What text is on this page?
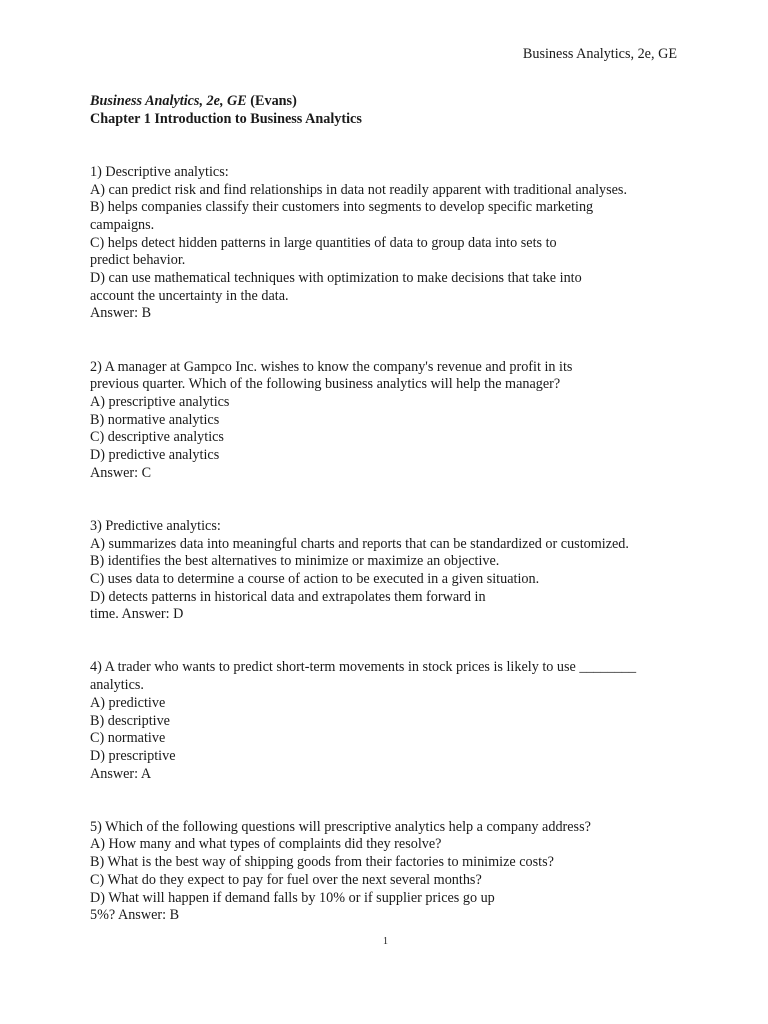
Business Analytics, 2e, GE
Business Analytics, 2e, GE (Evans)
Chapter 1 Introduction to Business Analytics
1) Descriptive analytics:
A) can predict risk and find relationships in data not readily apparent with traditional analyses.
B) helps companies classify their customers into segments to develop specific marketing
campaigns.
C) helps detect hidden patterns in large quantities of data to group data into sets to
predict behavior.
D) can use mathematical techniques with optimization to make decisions that take into
account the uncertainty in the data.
Answer: B
2) A manager at Gampco Inc. wishes to know the company's revenue and profit in its
previous quarter. Which of the following business analytics will help the manager?
A) prescriptive analytics
B) normative analytics
C) descriptive analytics
D) predictive analytics
Answer: C
3) Predictive analytics:
A) summarizes data into meaningful charts and reports that can be standardized or customized.
B) identifies the best alternatives to minimize or maximize an objective.
C) uses data to determine a course of action to be executed in a given situation.
D) detects patterns in historical data and extrapolates them forward in
time. Answer: D
4) A trader who wants to predict short-term movements in stock prices is likely to use ________
analytics.
A) predictive
B) descriptive
C) normative
D) prescriptive
Answer: A
5) Which of the following questions will prescriptive analytics help a company address?
A) How many and what types of complaints did they resolve?
B) What is the best way of shipping goods from their factories to minimize costs?
C) What do they expect to pay for fuel over the next several months?
D) What will happen if demand falls by 10% or if supplier prices go up
5%? Answer: B
1
